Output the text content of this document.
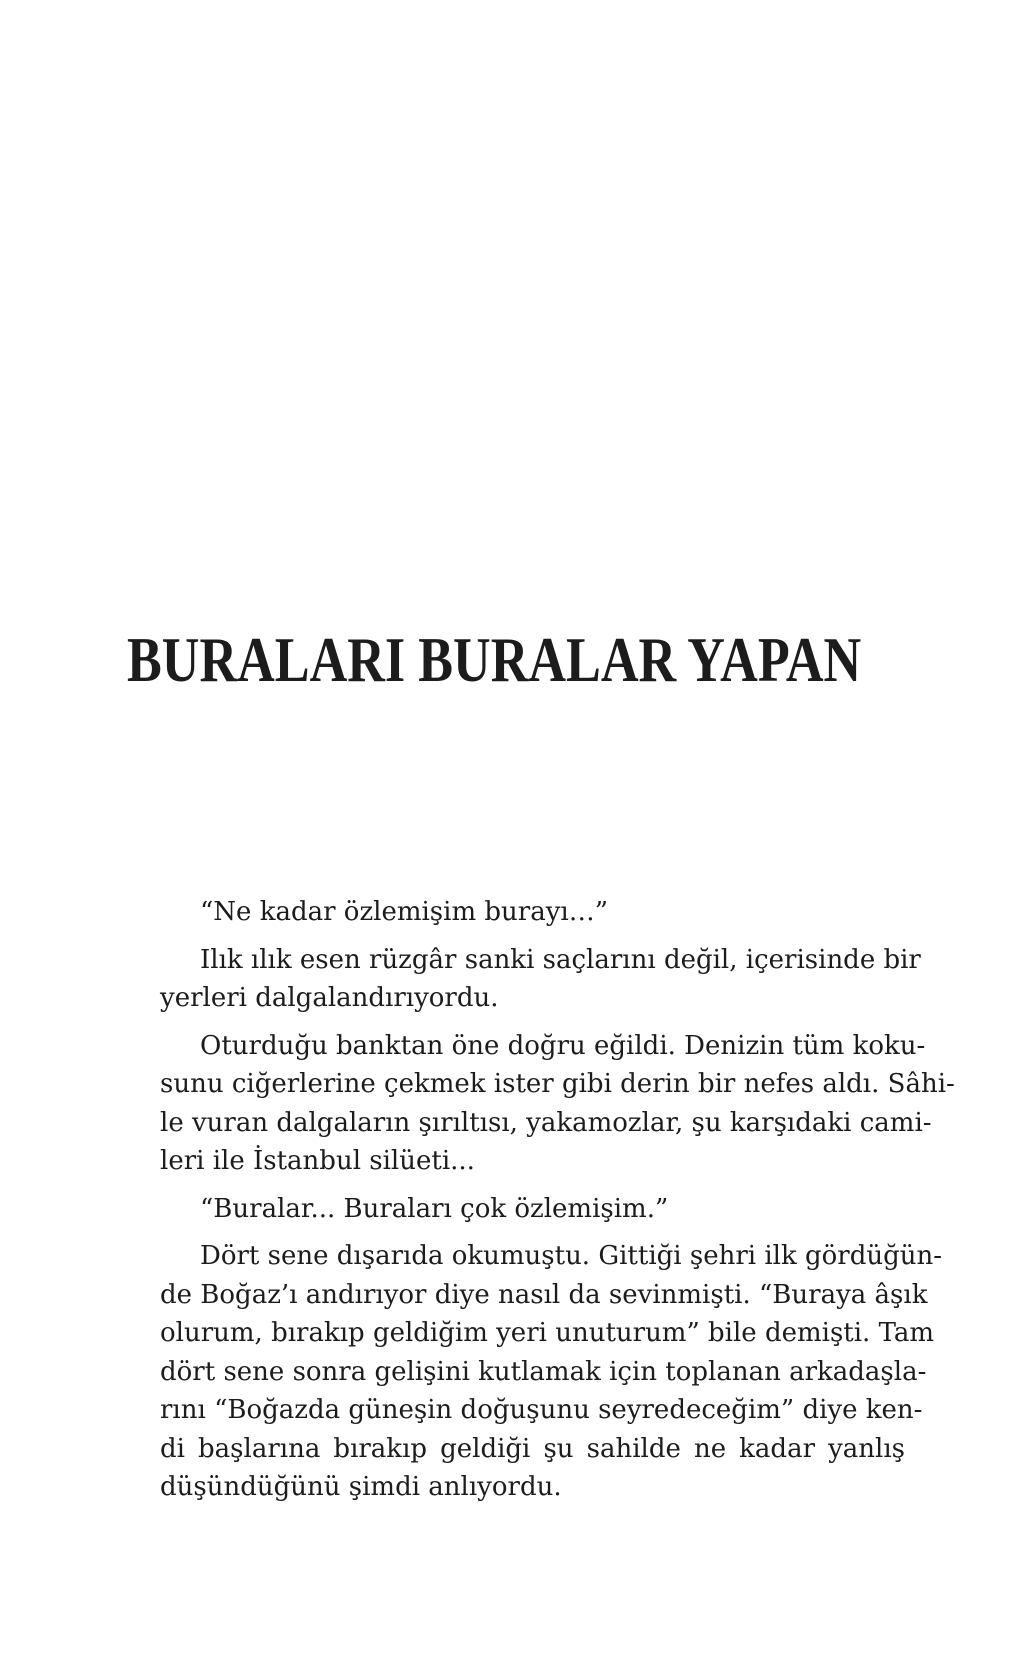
BURALARI BURALAR YAPAN
“Ne kadar özlemişim burayı…”
Ilık ılık esen rüzgâr sanki saçlarını değil, içerisinde bir
yerleri dalgalandırıyordu.
Oturduğu banktan öne doğru eğildi. Denizin tüm koku-
sunu ciğerlerine çekmek ister gibi derin bir nefes aldı. Sâhi-
le vuran dalgaların şırıltısı, yakamozlar, şu karşıdaki cami-
leri ile İstanbul silüeti...
“Buralar... Buraları çok özlemişim.”
Dört sene dışarıda okumuştu. Gittiği şehri ilk gördüğün-
de Boğaz’ı andırıyor diye nasıl da sevinmişti. “Buraya âşık
olurum, bırakıp geldiğim yeri unuturum” bile demişti. Tam
dört sene sonra gelişini kutlamak için toplanan arkadaşla-
rını “Boğazda güneşin doğuşunu seyredeceğim” diye ken-
di başlarına bırakıp geldiği şu sahilde ne kadar yanlış
düşündüğünü şimdi anlıyordu.
